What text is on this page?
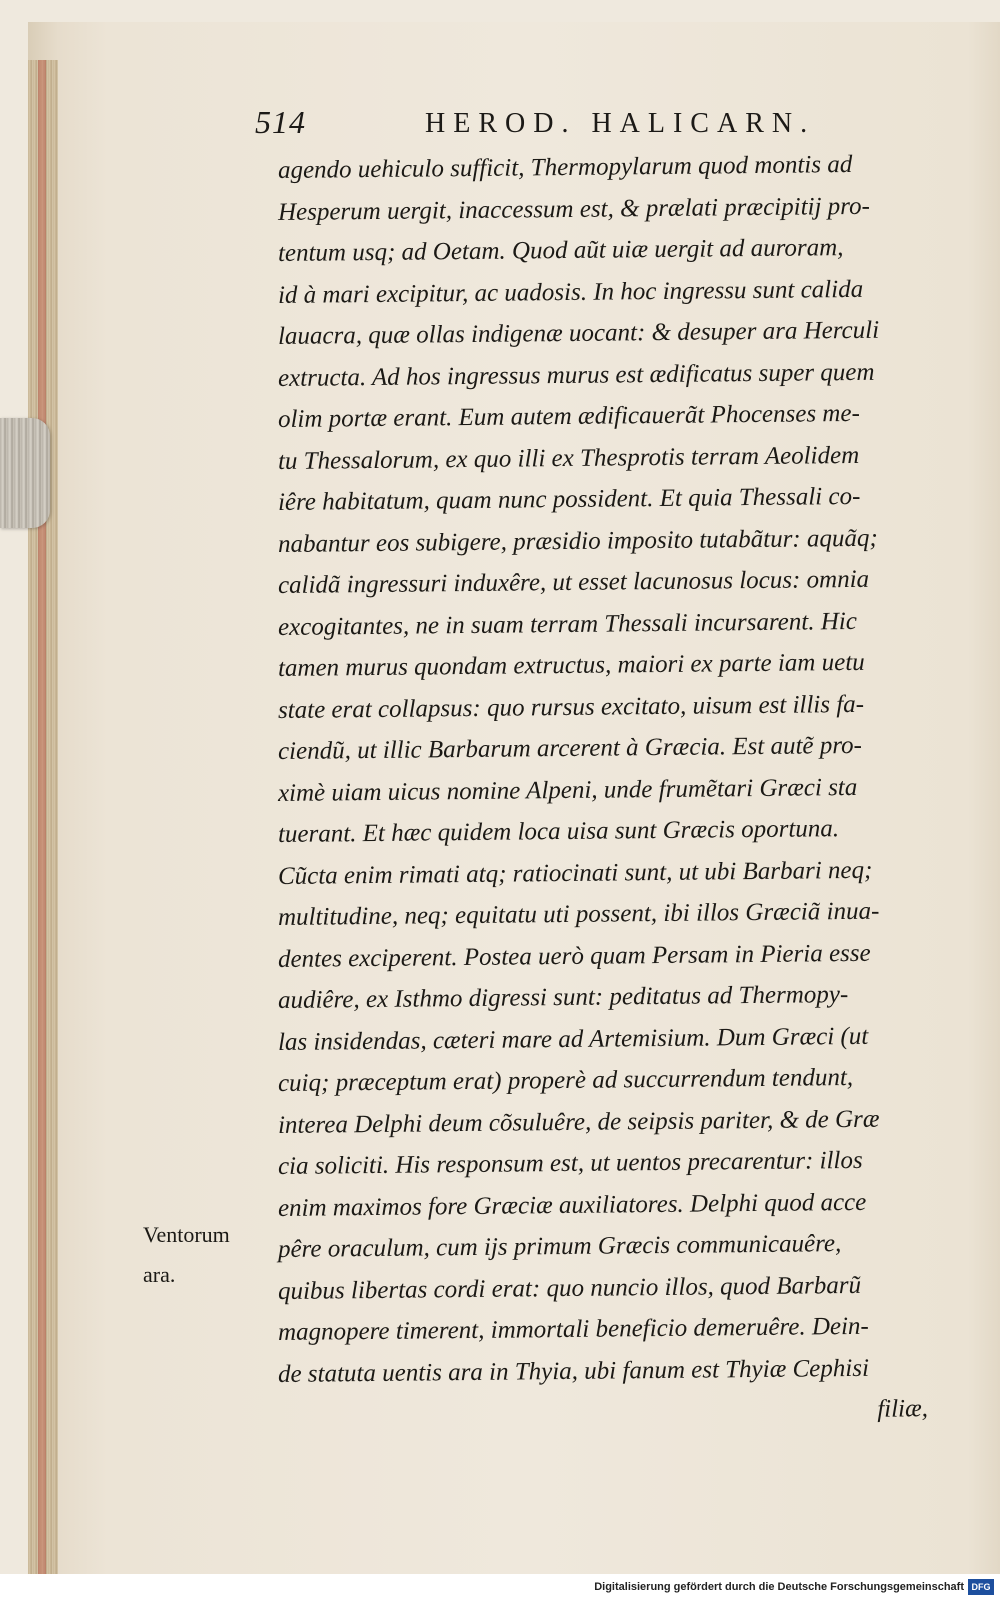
514	HEROD. HALICARN.
Ventorum
ara.
agendo uehiculo sufficit, Thermopylarum quod montis ad
Hesperum uergit, inaccessum est, & prælati præcipitij pro-
tentum usq; ad Oetam. Quod aũt uiæ uergit ad auroram,
id à mari excipitur, ac uadosis. In hoc ingressu sunt calida
lauacra, quæ ollas indigenæ uocant: & desuper ara Herculi
extructa. Ad hos ingressus murus est ædificatus super quem
olim portæ erant. Eum autem ædificauerãt Phocenses me-
tu Thessalorum, ex quo illi ex Thesprotis terram Aeolidem
iêre habitatum, quam nunc possident. Et quia Thessali co-
nabantur eos subigere, præsidio imposito tutabãtur: aquãq;
calidã ingressuri induxêre, ut esset lacunosus locus: omnia
excogitantes, ne in suam terram Thessali incursarent. Hic
tamen murus quondam extructus, maiori ex parte iam uetu
state erat collapsus: quo rursus excitato, uisum est illis fa-
ciendũ, ut illic Barbarum arcerent à Græcia. Est autẽ pro-
ximè uiam uicus nomine Alpeni, unde frumẽtari Græci sta
tuerant. Et hæc quidem loca uisa sunt Græcis oportuna.
Cũcta enim rimati atq; ratiocinati sunt, ut ubi Barbari neq;
multitudine, neq; equitatu uti possent, ibi illos Græciã inua-
dentes exciperent. Postea uerò quam Persam in Pieria esse
audiêre, ex Isthmo digressi sunt: peditatus ad Thermopy-
las insidendas, cæteri mare ad Artemisium. Dum Græci (ut
cuiq; præceptum erat) properè ad succurrendum tendunt,
interea Delphi deum cõsuluêre, de seipsis pariter, & de Græ
cia soliciti. His responsum est, ut uentos precarentur: illos
enim maximos fore Græciæ auxiliatores. Delphi quod acce
pêre oraculum, cum ijs primum Græcis communicauêre,
quibus libertas cordi erat: quo nuncio illos, quod Barbarũ
magnopere timerent, immortali beneficio demeruêre. Dein-
de statuta uentis ara in Thyia, ubi fanum est Thyiæ Cephisi
filiæ,
Digitalisierung gefördert durch die Deutsche Forschungsgemeinschaft DFG
